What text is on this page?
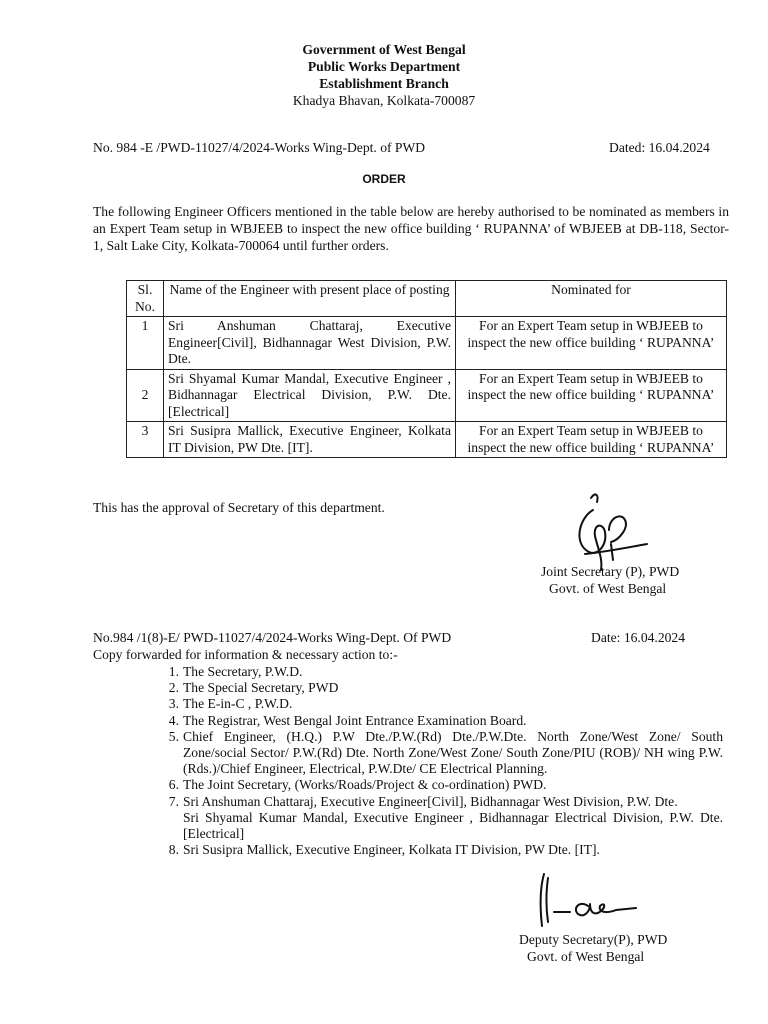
Government of West Bengal
Public Works Department
Establishment Branch
Khadya Bhavan, Kolkata-700087
No. 984 -E /PWD-11027/4/2024-Works Wing-Dept. of PWD	Dated: 16.04.2024
ORDER
The following Engineer Officers mentioned in the table below are hereby authorised to be nominated as members in an Expert Team setup in WBJEEB to inspect the new office building ‘ RUPANNA’ of WBJEEB at DB-118, Sector-1, Salt Lake City, Kolkata-700064 until further orders.
Sl. No.	Name of the Engineer with present place of posting	Nominated for
1	Sri Anshuman Chattaraj, Executive Engineer[Civil], Bidhannagar West Division, P.W. Dte.	For an Expert Team setup in WBJEEB to inspect the new office building ‘ RUPANNA’
2	Sri Shyamal Kumar Mandal, Executive Engineer , Bidhannagar Electrical Division, P.W. Dte. [Electrical]	For an Expert Team setup in WBJEEB to inspect the new office building ‘ RUPANNA’
3	Sri Susipra Mallick, Executive Engineer, Kolkata IT Division, PW Dte. [IT].	For an Expert Team setup in WBJEEB to inspect the new office building ‘ RUPANNA’
This has the approval of Secretary of this department.
Joint Secretary (P), PWD
Govt. of West Bengal
No.984 /1(8)-E/ PWD-11027/4/2024-Works Wing-Dept. Of PWD	Date: 16.04.2024
Copy forwarded for information & necessary action to:-
1. The Secretary, P.W.D.
2. The Special Secretary, PWD
3. The E-in-C , P.W.D.
4. The Registrar, West Bengal Joint Entrance Examination Board.
5. Chief Engineer, (H.Q.) P.W Dte./P.W.(Rd) Dte./P.W.Dte. North Zone/West Zone/ South Zone/social Sector/ P.W.(Rd) Dte. North Zone/West Zone/ South Zone/PIU (ROB)/ NH wing P.W.(Rds.)/Chief Engineer, Electrical, P.W.Dte/ CE Electrical Planning.
6. The Joint Secretary, (Works/Roads/Project & co-ordination) PWD.
7. Sri Anshuman Chattaraj, Executive Engineer[Civil], Bidhannagar West Division, P.W. Dte.
Sri Shyamal Kumar Mandal, Executive Engineer , Bidhannagar Electrical Division, P.W. Dte. [Electrical]
8. Sri Susipra Mallick, Executive Engineer, Kolkata IT Division, PW Dte. [IT].
Deputy Secretary(P), PWD
Govt. of West Bengal
